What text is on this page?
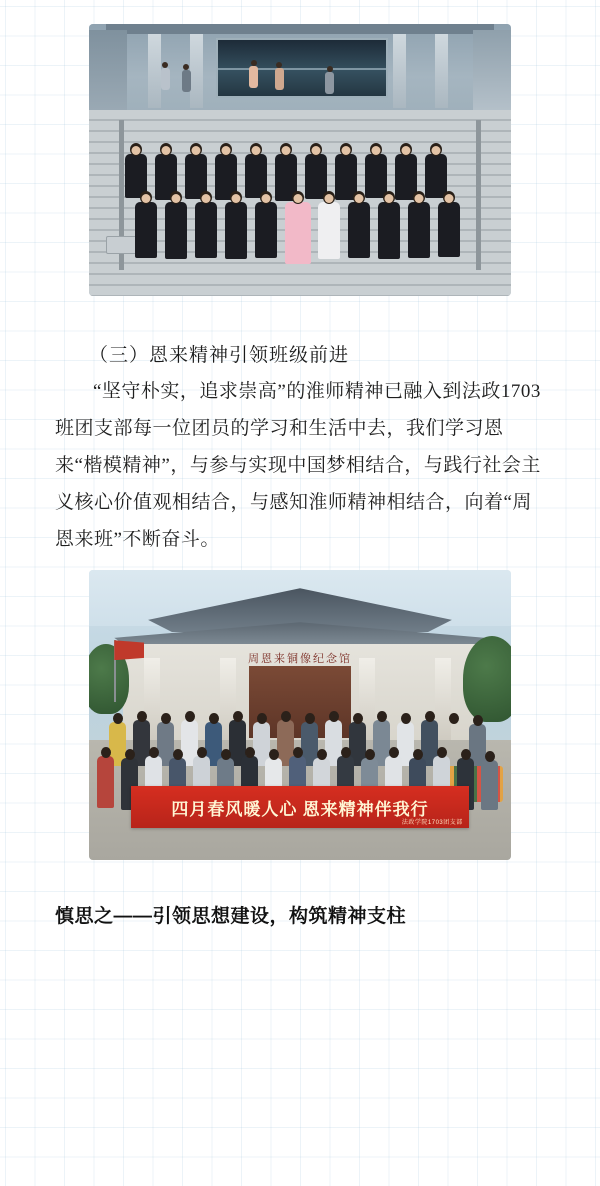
（三）恩来精神引领班级前进

“坚守朴实，追求崇高”的淮师精神已融入到法政1703班团支部每一位团员的学习和生活中去，我们学习恩来“楷模精神”，与参与实现中国梦相结合，与践行社会主义核心价值观相结合，与感知淮师精神相结合，向着“周恩来班”不断奋斗。

周恩来铜像纪念馆
四月春风暖人心 恩来精神伴我行
法政学院1703团支部
慎思之——引领思想建设，构筑精神支柱
